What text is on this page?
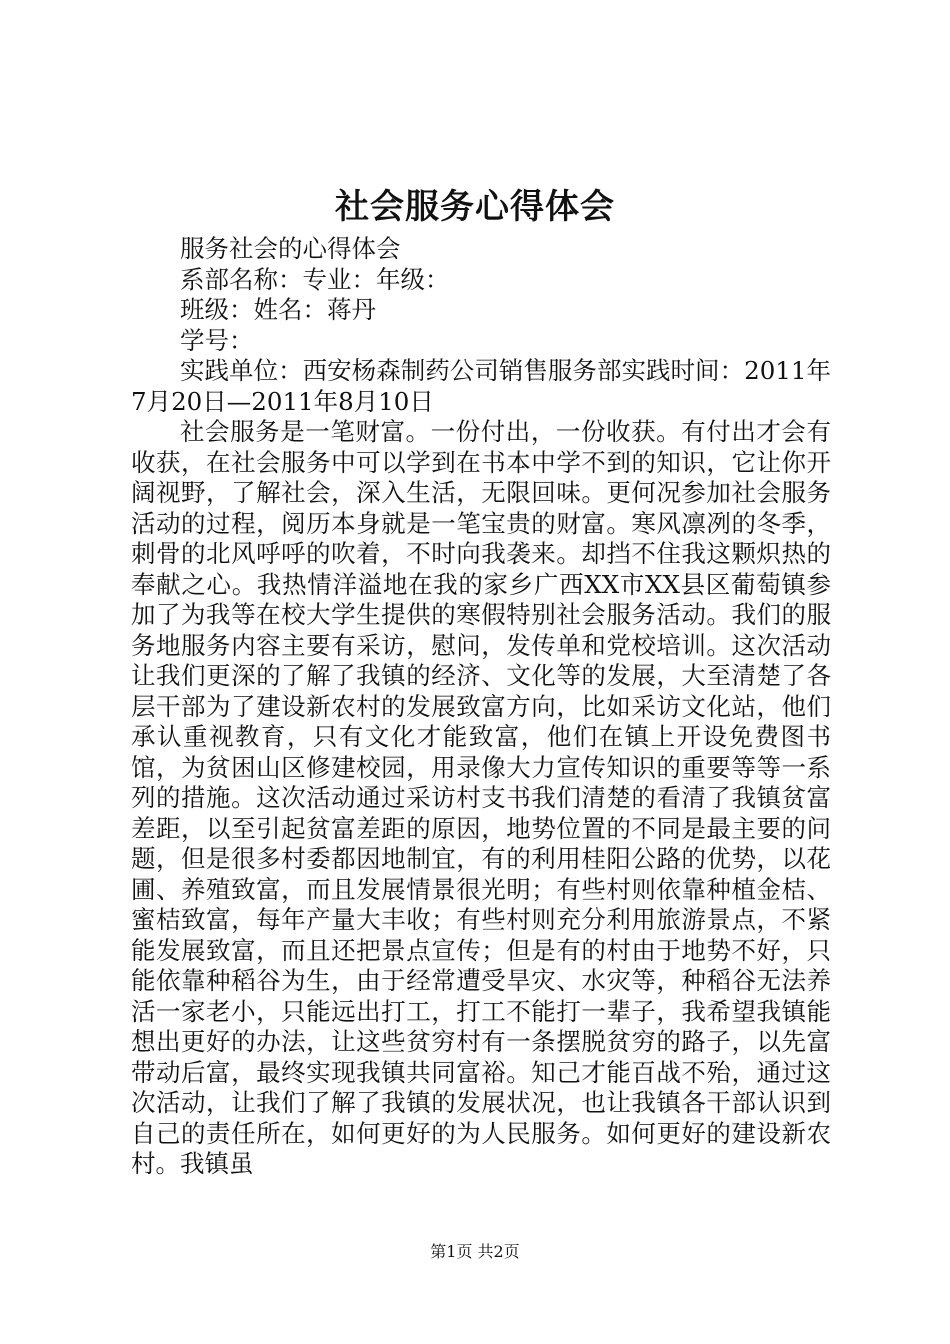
社会服务心得体会

服务社会的心得体会

系部名称：专业：年级：

班级：姓名：蒋丹

学号：

实践单位：西安杨森制药公司销售服务部实践时间：2011年7月20日—2011年8月10日

社会服务是一笔财富。一份付出，一份收获。有付出才会有收获，在社会服务中可以学到在书本中学不到的知识，它让你开阔视野，了解社会，深入生活，无限回味。更何况参加社会服务活动的过程，阅历本身就是一笔宝贵的财富。寒风凛冽的冬季，刺骨的北风呼呼的吹着，不时向我袭来。却挡不住我这颗炽热的奉献之心。我热情洋溢地在我的家乡广西XX市XX县区葡萄镇参加了为我等在校大学生提供的寒假特别社会服务活动。我们的服务地服务内容主要有采访，慰问，发传单和党校培训。这次活动让我们更深的了解了我镇的经济、文化等的发展，大至清楚了各层干部为了建设新农村的发展致富方向，比如采访文化站，他们承认重视教育，只有文化才能致富，他们在镇上开设免费图书馆，为贫困山区修建校园，用录像大力宣传知识的重要等等一系列的措施。这次活动通过采访村支书我们清楚的看清了我镇贫富差距，以至引起贫富差距的原因，地势位置的不同是最主要的问题，但是很多村委都因地制宜，有的利用桂阳公路的优势，以花圃、养殖致富，而且发展情景很光明；有些村则依靠种植金桔、蜜桔致富，每年产量大丰收；有些村则充分利用旅游景点，不紧能发展致富，而且还把景点宣传；但是有的村由于地势不好，只能依靠种稻谷为生，由于经常遭受旱灾、水灾等，种稻谷无法养活一家老小，只能远出打工，打工不能打一辈子，我希望我镇能想出更好的办法，让这些贫穷村有一条摆脱贫穷的路子，以先富带动后富，最终实现我镇共同富裕。知己才能百战不殆，通过这次活动，让我们了解了我镇的发展状况，也让我镇各干部认识到自己的责任所在，如何更好的为人民服务。如何更好的建设新农村。我镇虽

第1页 共2页
